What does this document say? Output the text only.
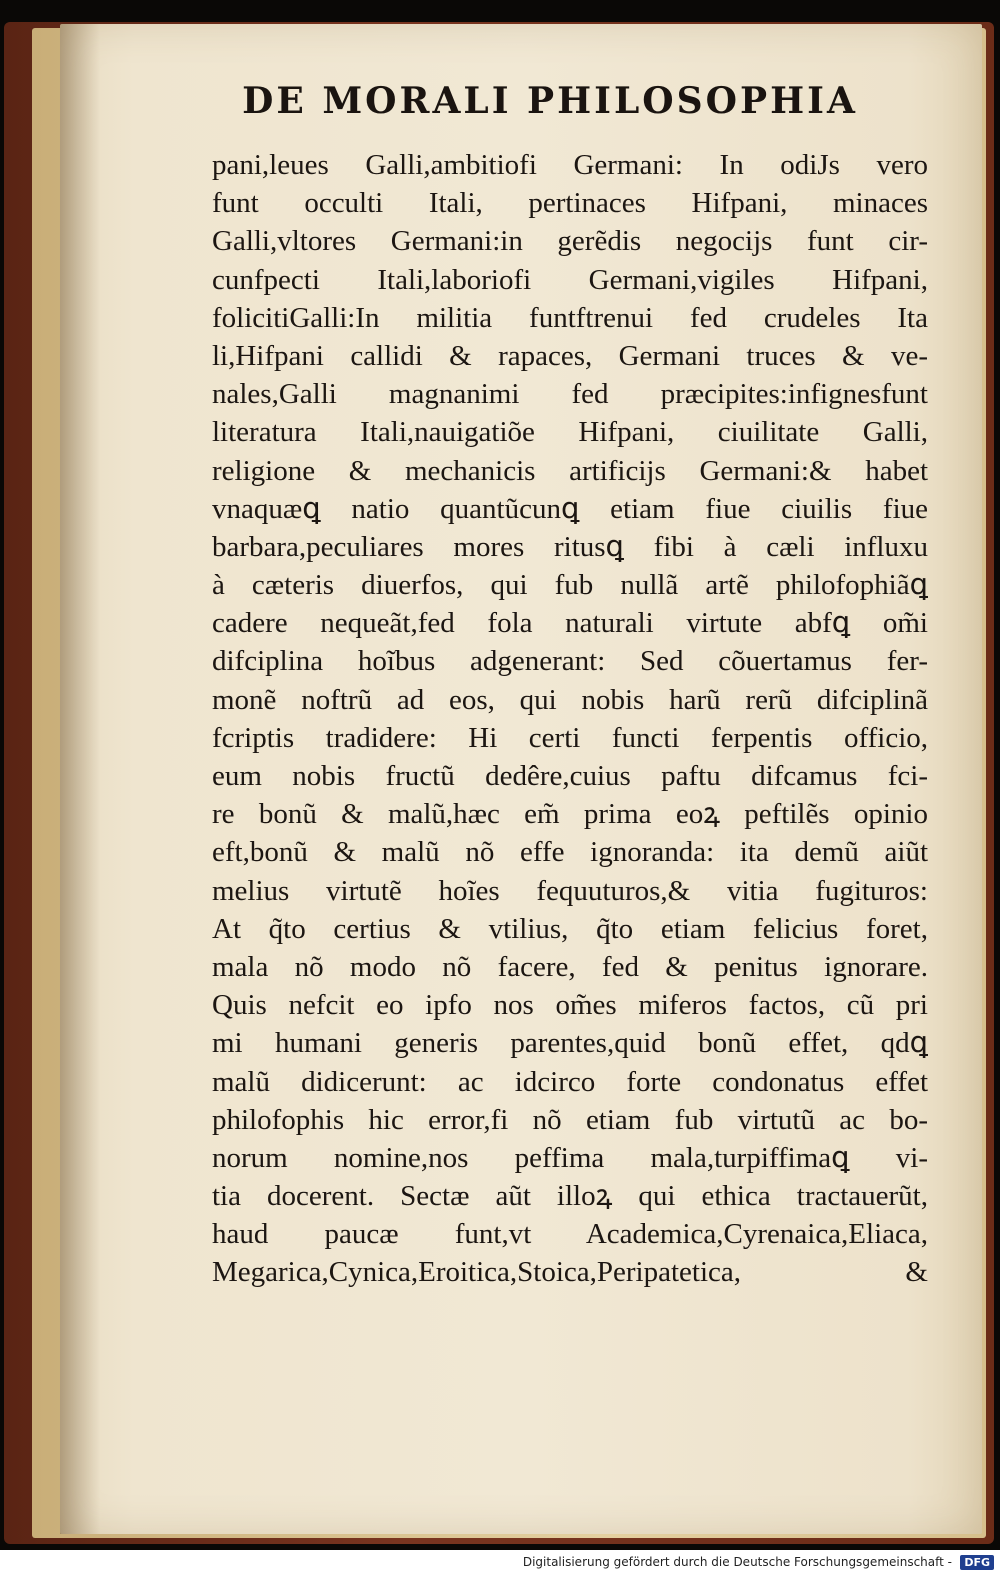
DE MORALI PHILOSOPHIA
pani,leues Galli,ambitiofi Germani: In odiJs vero
funt occulti Itali, pertinaces Hifpani, minaces
Galli,vltores Germani:in gerẽdis negocijs funt cir-
cunfpecti Itali,laboriofi Germani,vigiles Hifpani,
folicitiGalli:In militia funtftrenui fed crudeles Ita
li,Hifpani callidi & rapaces, Germani truces & ve-
nales,Galli magnanimi fed præcipites:infignesfunt
literatura Itali,nauigatiõe Hifpani, ciuilitate Galli,
religione & mechanicis artificijs Germani:& habet
vnaquæꝗ natio quantũcunꝗ etiam fiue ciuilis fiue
barbara,peculiares mores ritusꝗ fibi à cæli influxu
à cæteris diuerfos, qui fub nullã artẽ philofophiãꝗ
cadere nequeãt,fed fola naturali virtute abfꝗ om̃i
difciplina hoĩbus adgenerant: Sed cõuertamus fer-
monẽ noftrũ ad eos, qui nobis harũ rerũ difciplinã
fcriptis tradidere: Hi certi functi ferpentis officio,
eum nobis fructũ dedêre,cuius paftu difcamus fci-
re bonũ & malũ,hæc em̃ prima eoꝝ peftilẽs opinio
eft,bonũ & malũ nõ effe ignoranda: ita demũ aiũt
melius virtutẽ hoĩes fequuturos,& vitia fugituros:
At q̃to certius & vtilius, q̃to etiam felicius foret,
mala nõ modo nõ facere, fed & penitus ignorare.
Quis nefcit eo ipfo nos om̃es miferos factos, cũ pri
mi humani generis parentes,quid bonũ effet, qdꝗ
malũ didicerunt: ac idcirco forte condonatus effet
philofophis hic error,fi nõ etiam fub virtutũ ac bo-
norum nomine,nos peffima mala,turpiffimaꝗ vi-
tia docerent. Sectæ aũt illoꝝ qui ethica tractauerũt,
haud paucæ funt,vt Academica,Cyrenaica,Eliaca,
Megarica,Cynica,Eroitica,Stoica,Peripatetica, &
Digitalisierung gefördert durch die Deutsche Forschungsgemeinschaft -	DFG
